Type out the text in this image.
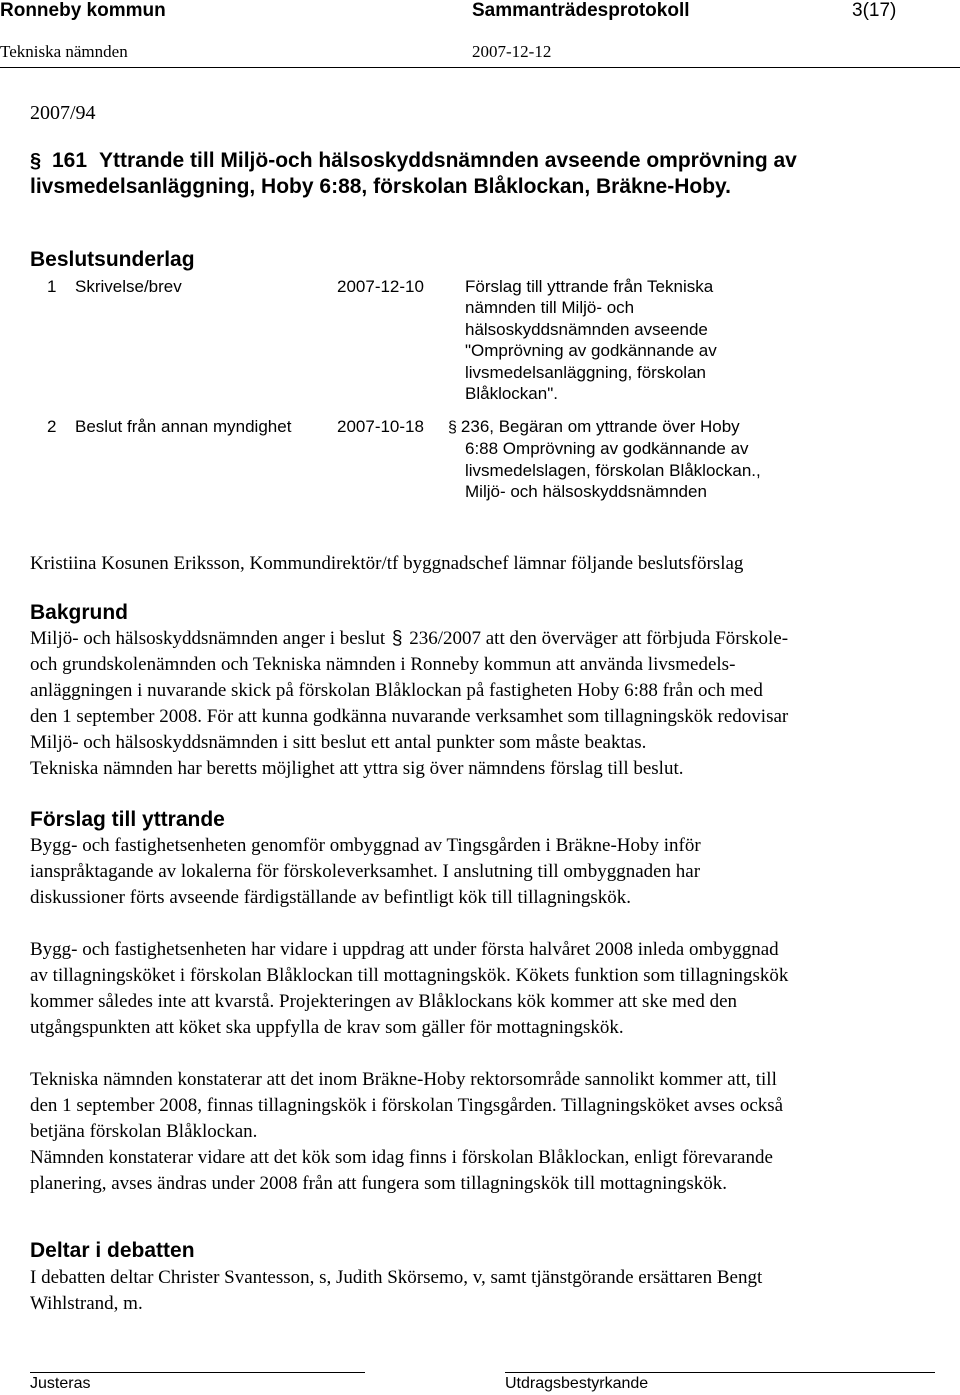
Ronneby kommun	Sammanträdesprotokoll	3(17)
Tekniska nämnden	2007-12-12
2007/94
§ 161 Yttrande till Miljö-och hälsoskyddsnämnden avseende omprövning av
livsmedelsanläggning, Hoby 6:88, förskolan Blåklockan, Bräkne-Hoby.
Beslutsunderlag
1 Skrivelse/brev	2007-12-10 Förslag till yttrande från Tekniska
nämnden till Miljö- och
hälsoskyddsnämnden avseende
"Omprövning av godkännande av
livsmedelsanläggning, förskolan
Blåklockan".
2 Beslut från annan myndighet	2007-10-18 § 236, Begäran om yttrande över Hoby
6:88 Omprövning av godkännande av
livsmedelslagen, förskolan Blåklockan.,
Miljö- och hälsoskyddsnämnden
Kristiina Kosunen Eriksson, Kommundirektör/tf byggnadschef lämnar följande beslutsförslag
Bakgrund
Miljö- och hälsoskyddsnämnden anger i beslut § 236/2007 att den överväger att förbjuda Förskole-
och grundskolenämnden och Tekniska nämnden i Ronneby kommun att använda livsmedels-
anläggningen i nuvarande skick på förskolan Blåklockan på fastigheten Hoby 6:88 från och med
den 1 september 2008. För att kunna godkänna nuvarande verksamhet som tillagningskök redovisar
Miljö- och hälsoskyddsnämnden i sitt beslut ett antal punkter som måste beaktas.
Tekniska nämnden har beretts möjlighet att yttra sig över nämndens förslag till beslut.
Förslag till yttrande
Bygg- och fastighetsenheten genomför ombyggnad av Tingsgården i Bräkne-Hoby inför
ianspråktagande av lokalerna för förskoleverksamhet. I anslutning till ombyggnaden har
diskussioner förts avseende färdigställande av befintligt kök till tillagningskök.
Bygg- och fastighetsenheten har vidare i uppdrag att under första halvåret 2008 inleda ombyggnad
av tillagningsköket i förskolan Blåklockan till mottagningskök. Kökets funktion som tillagningskök
kommer således inte att kvarstå. Projekteringen av Blåklockans kök kommer att ske med den
utgångspunkten att köket ska uppfylla de krav som gäller för mottagningskök.
Tekniska nämnden konstaterar att det inom Bräkne-Hoby rektorsområde sannolikt kommer att, till
den 1 september 2008, finnas tillagningskök i förskolan Tingsgården. Tillagningsköket avses också
betjäna förskolan Blåklockan.
Nämnden konstaterar vidare att det kök som idag finns i förskolan Blåklockan, enligt förevarande
planering, avses ändras under 2008 från att fungera som tillagningskök till mottagningskök.
Deltar i debatten
I debatten deltar Christer Svantesson, s, Judith Skörsemo, v, samt tjänstgörande ersättaren Bengt
Wihlstrand, m.
Justeras	Utdragsbestyrkande
